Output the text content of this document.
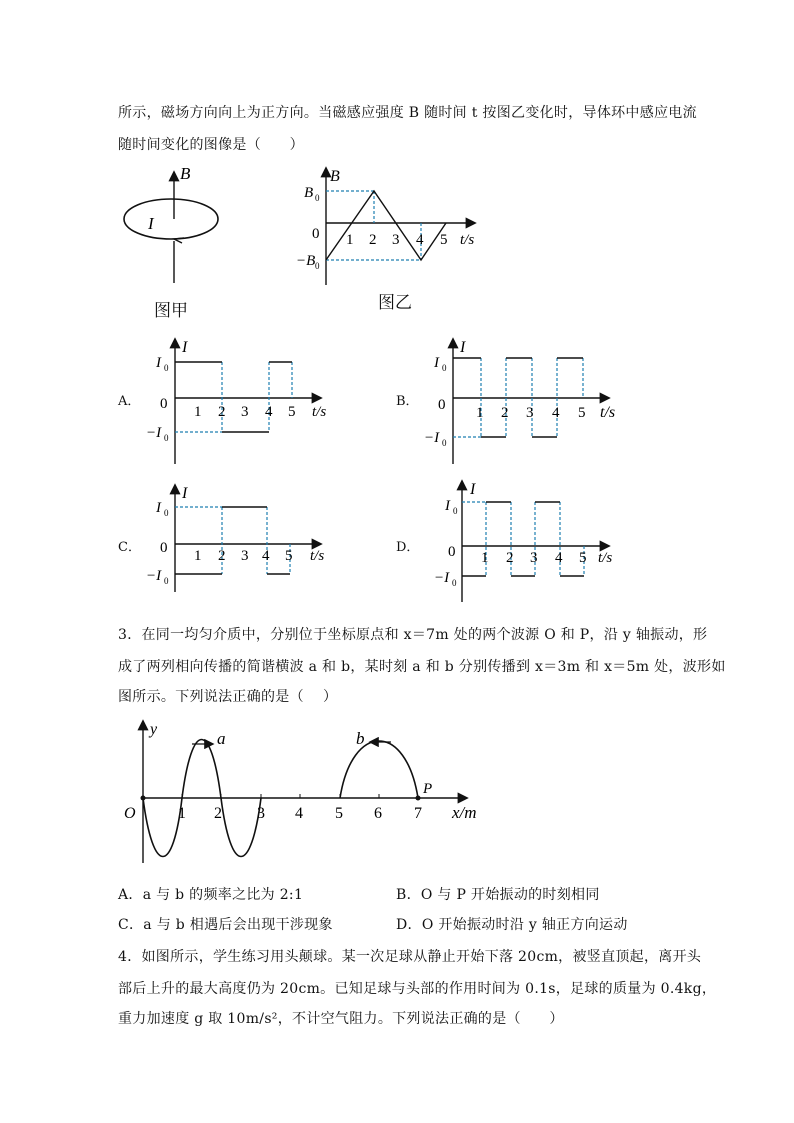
所示，磁场方向向上为正方向。当磁感应强度 B 随时间 t 按图乙变化时，导体环中感应电流
随时间变化的图像是（　　）
B
I
图甲
B
B 0
0
−B 0
1 2 3 4 5 t/s
图乙
A．
I
I 0
0
−I 0
1 2 3 4 5 t/s
B．
I
I 0
0
−I 0
1 2 3 4 5 t/s
C．
I
I 0
0
−I 0
1 2 3 4 5 t/s
D．
I
I 0
0
−I 0
1 2 3 4 5 t/s
3．在同一均匀介质中，分别位于坐标原点和 x＝7m 处的两个波源 O 和 P，沿 y 轴振动，形
成了两列相向传播的简谐横波 a 和 b，某时刻 a 和 b 分别传播到 x＝3m 和 x＝5m 处，波形如
图所示。下列说法正确的是（　 ）
y
O
P
a	b
1 2 3 4 5 6 7 x/m
A．a 与 b 的频率之比为 2:1	B．O 与 P 开始振动的时刻相同
C．a 与 b 相遇后会出现干涉现象	D．O 开始振动时沿 y 轴正方向运动
4．如图所示，学生练习用头颠球。某一次足球从静止开始下落 20cm，被竖直顶起，离开头
部后上升的最大高度仍为 20cm。已知足球与头部的作用时间为 0.1s，足球的质量为 0.4kg，
重力加速度 g 取 10m/s²，不计空气阻力。下列说法正确的是（　　）
